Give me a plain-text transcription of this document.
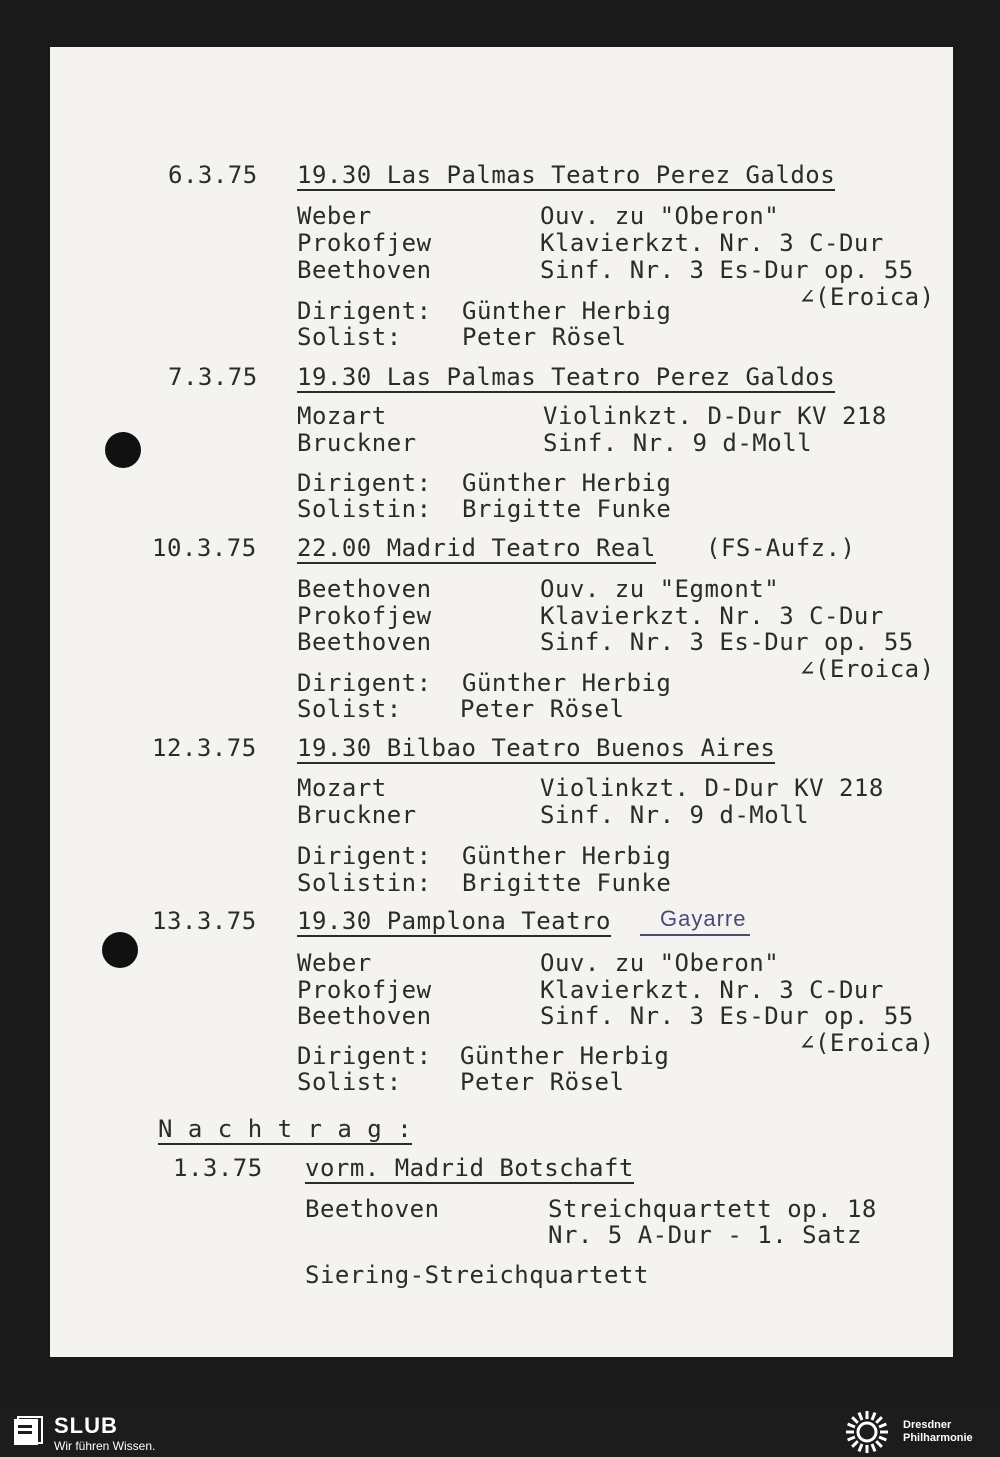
6.3.75 19.30 Las Palmas Teatro Perez Galdos
Weber	Ouv. zu "Oberon"
Prokofjew	Klavierkzt. Nr. 3 C-Dur
Beethoven	Sinf. Nr. 3 Es-Dur op. 55
∠(Eroica)
Dirigent: Günther Herbig
Solist:	Peter Rösel
7.3.75 19.30 Las Palmas Teatro Perez Galdos
Mozart	Violinkzt. D-Dur KV 218
Bruckner	Sinf. Nr. 9 d-Moll
Dirigent: Günther Herbig
Solistin: Brigitte Funke
10.3.75 22.00 Madrid Teatro Real (FS-Aufz.)
Beethoven	Ouv. zu "Egmont"
Prokofjew	Klavierkzt. Nr. 3 C-Dur
Beethoven	Sinf. Nr. 3 Es-Dur op. 55
∠(Eroica)
Dirigent: Günther Herbig
Solist: Peter Rösel
12.3.75 19.30 Bilbao Teatro Buenos Aires
Mozart	Violinkzt. D-Dur KV 218
Bruckner	Sinf. Nr. 9 d-Moll
Dirigent: Günther Herbig
Solistin: Brigitte Funke
13.3.75 19.30 Pamplona Teatro	Gayarre
Weber	Ouv. zu "Oberon"
Prokofjew	Klavierkzt. Nr. 3 C-Dur
Beethoven	Sinf. Nr. 3 Es-Dur op. 55
∠(Eroica)
Dirigent: Günther Herbig
Solist: Peter Rösel
N a c h t r a g :
1.3.75 vorm. Madrid Botschaft
Beethoven	Streichquartett op. 18
Nr. 5 A-Dur - 1. Satz
Siering-Streichquartett
SLUB
Wir führen Wissen.
Dresdner
Philharmonie
